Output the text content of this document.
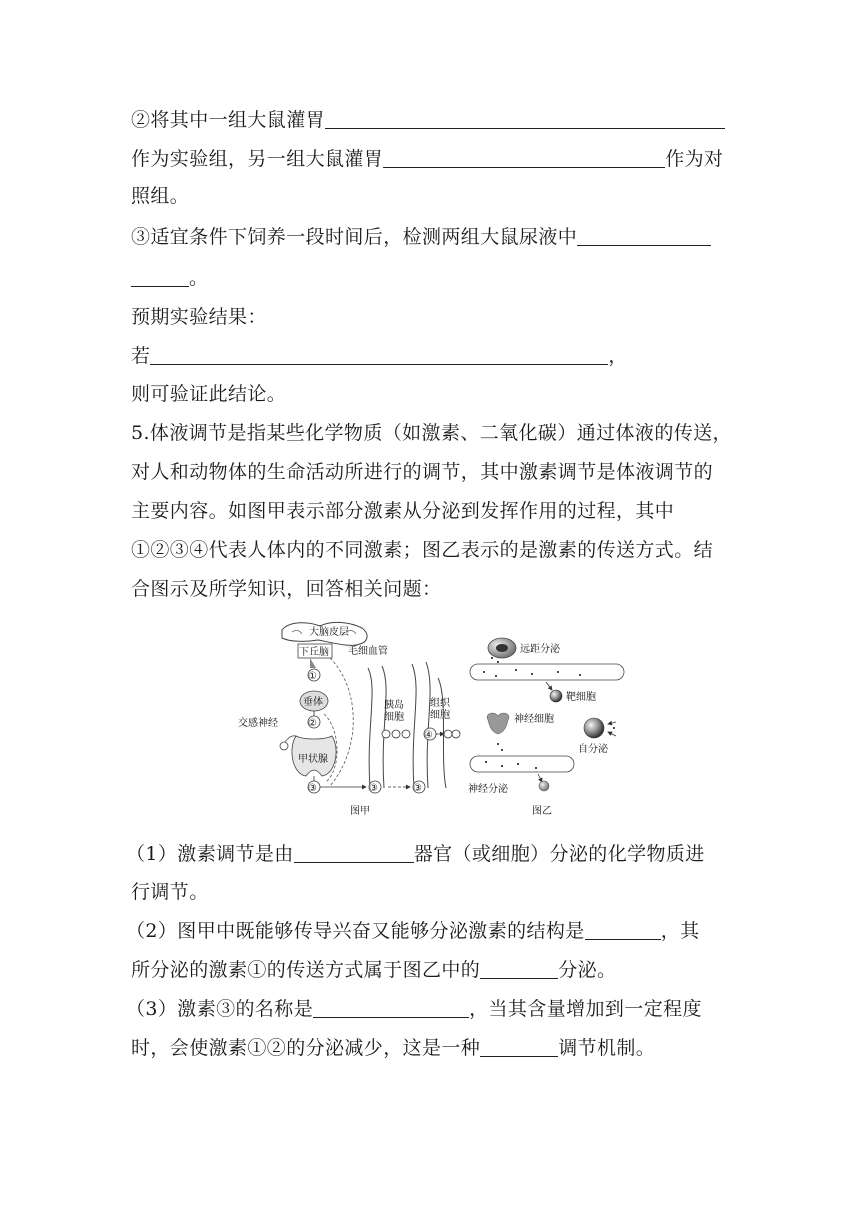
②将其中一组大鼠灌胃
作为实验组，另一组大鼠灌胃	作为对
照组。
③适宜条件下饲养一段时间后，检测两组大鼠尿液中
。
预期实验结果：
若	，
则可验证此结论。
5.体液调节是指某些化学物质（如激素、二氧化碳）通过体液的传送，
对人和动物体的生命活动所进行的调节，其中激素调节是体液调节的
主要内容。如图甲表示部分激素从分泌到发挥作用的过程，其中
①②③④代表人体内的不同激素；图乙表示的是激素的传送方式。结
合图示及所学知识，回答相关问题：
大脑皮层
下丘脑
①
垂体
②
交感神经
甲状腺
③
毛细血管
③
胰岛
细胞
③
④
组织
细胞
图甲
远距分泌
靶细胞
神经细胞
自分泌
神经分泌
图乙
（1）激素调节是由	器官（或细胞）分泌的化学物质进
行调节。
（2）图甲中既能够传导兴奋又能够分泌激素的结构是	，其
所分泌的激素①的传送方式属于图乙中的	分泌。
（3）激素③的名称是	，当其含量增加到一定程度
时，会使激素①②的分泌减少，这是一种	调节机制。
